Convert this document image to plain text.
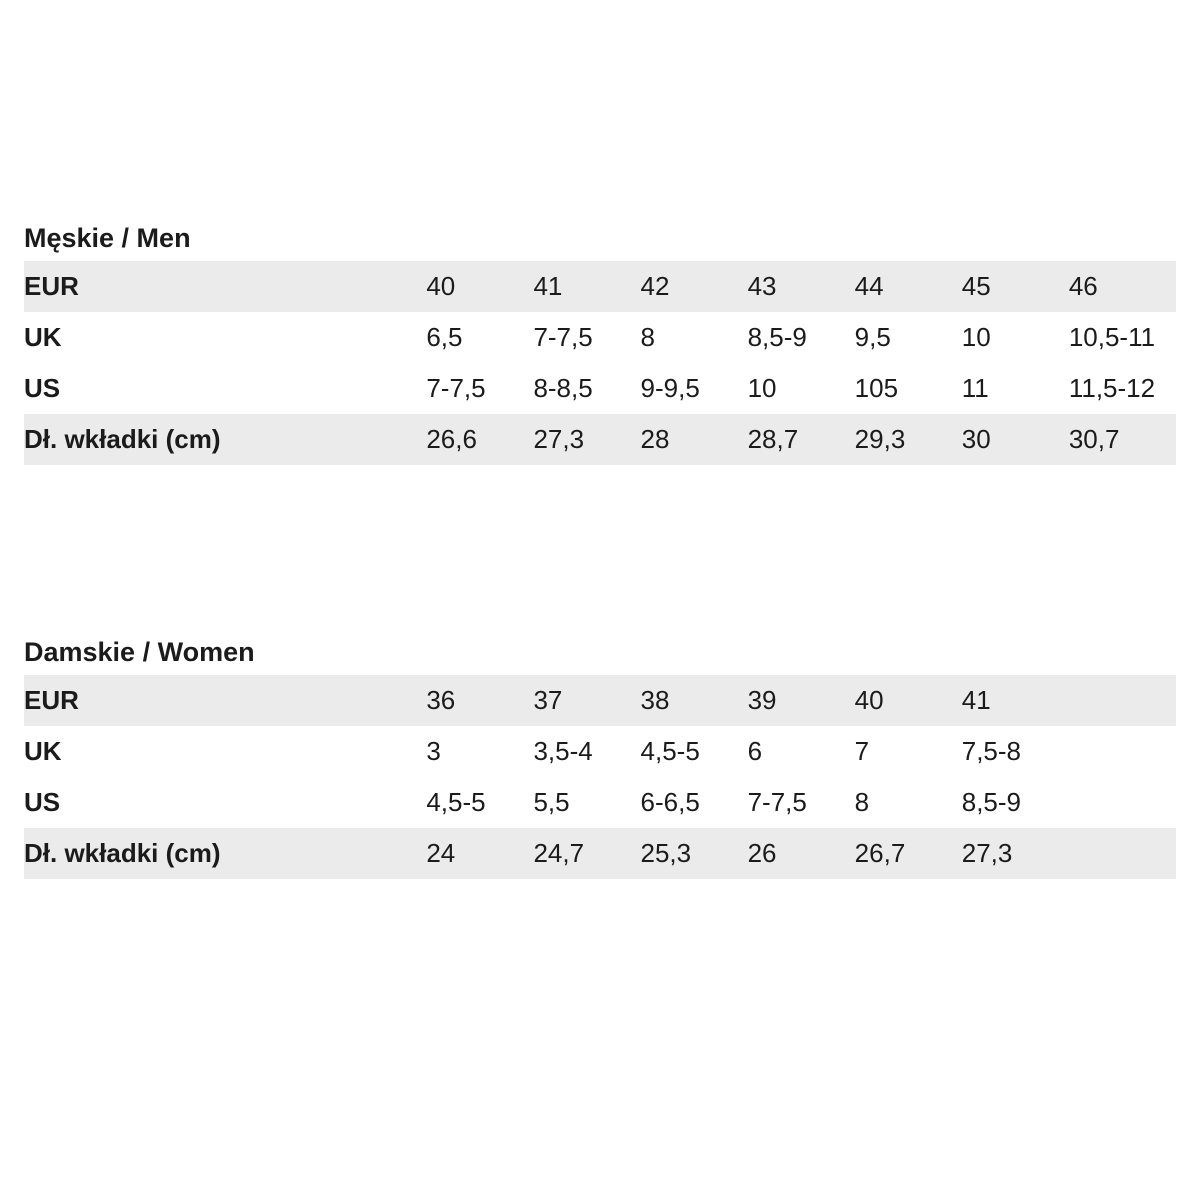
Męskie / Men
EUR	40	41	42	43	44	45	46
UK	6,5	7-7,5	8	8,5-9	9,5	10	10,5-11
US	7-7,5	8-8,5	9-9,5	10	105	11	11,5-12
Dł. wkładki (cm)	26,6	27,3	28	28,7	29,3	30	30,7
Damskie / Women
EUR	36	37	38	39	40	41	
UK	3	3,5-4	4,5-5	6	7	7,5-8	
US	4,5-5	5,5	6-6,5	7-7,5	8	8,5-9	
Dł. wkładki (cm)	24	24,7	25,3	26	26,7	27,3	
